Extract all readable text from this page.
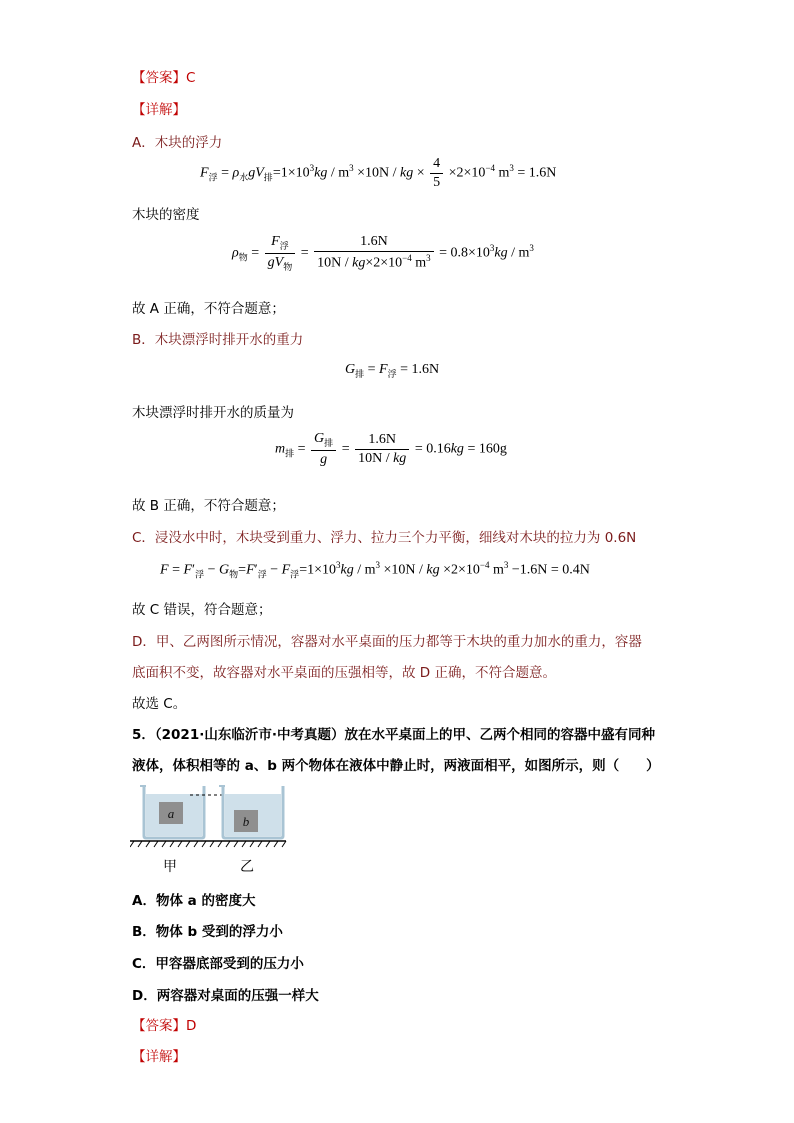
【答案】C
【详解】
A．木块的浮力
$F_浮 = \rho_水gV_排=1\times 10^3kg / m^3 \times 10N$ / kg × $\frac{4}{5} \times 2\times 10^{-4}$ $m^3 = 1.6N$
木块的密度
$\rho_物 = \frac{F_浮}{gV_物} = \frac{1.6N}{10N / kg\times 2\times 10^{-4} m^3} = 0.8\times 10^3kg / m^3$
故 A 正确，不符合题意；
B．木块漂浮时排开水的重力
$G_排 = F_浮 = 1.6N$
木块漂浮时排开水的质量为
$m_排 = \frac{G_排}{g} = \frac{1.6N}{10N / kg} = 0.16kg = 160g$
故 B 正确，不符合题意；
C．浸没水中时，木块受到重力、浮力、拉力三个力平衡，细线对木块的拉力为 0.6N
$F = F'_浮 - G_物=F'_浮 - F_浮=1\times 10^3kg / m^3 \times 10N$ / kg $\times 2\times 10^{-4}$ $m^3 -1.6N = 0.4N$
故 C 错误，符合题意；
D．甲、乙两图所示情况，容器对水平桌面的压力都等于木块的重力加水的重力，容器
底面积不变，故容器对水平桌面的压强相等，故 D 正确，不符合题意。
故选 C。
5．（2021·山东临沂市·中考真题）放在水平桌面上的甲、乙两个相同的容器中盛有同种
液体，体积相等的 a、b 两个物体在液体中静止时，两液面相平，如图所示，则（　　）
a
b
甲	乙
A．物体 a 的密度大
B．物体 b 受到的浮力小
C．甲容器底部受到的压力小
D．两容器对桌面的压强一样大
【答案】D
【详解】
